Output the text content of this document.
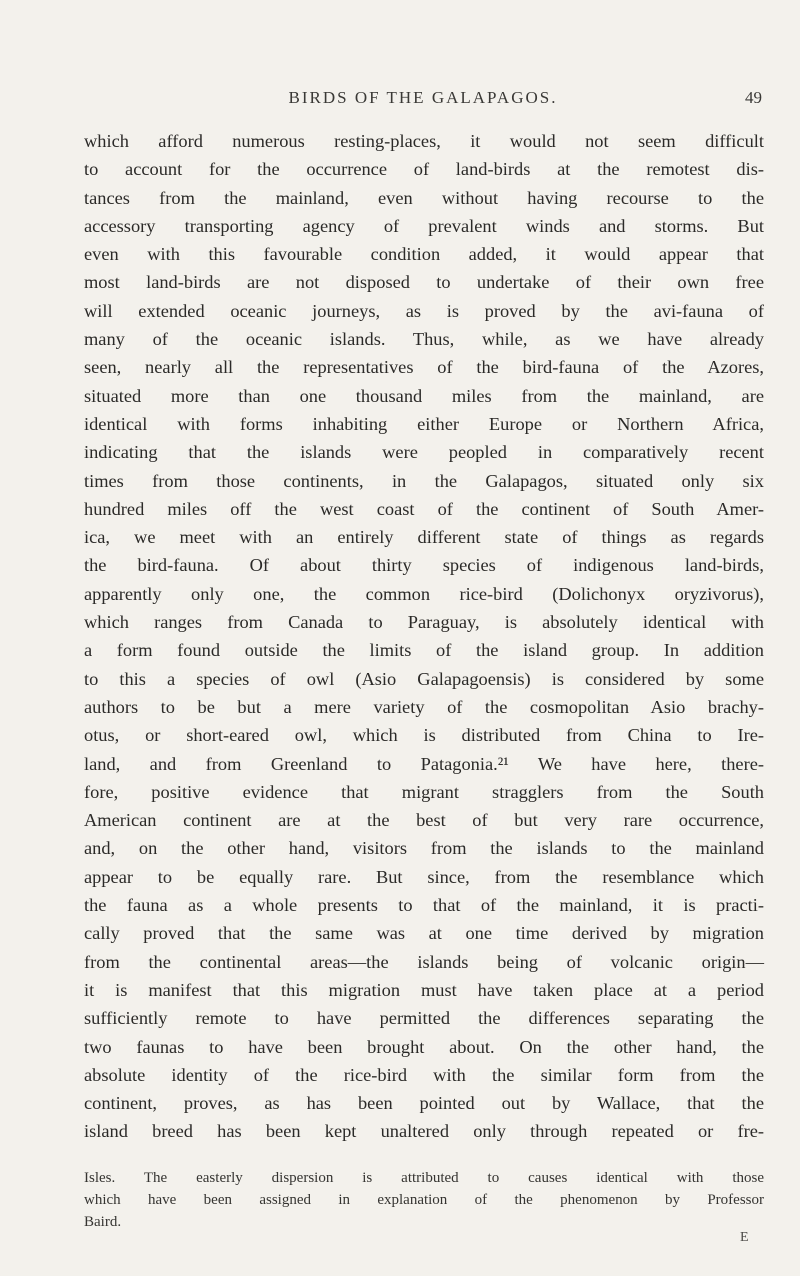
BIRDS OF THE GALAPAGOS.	49
which afford numerous resting-places, it would not seem difficult
to account for the occurrence of land-birds at the remotest dis-
tances from the mainland, even without having recourse to the
accessory transporting agency of prevalent winds and storms. But
even with this favourable condition added, it would appear that
most land-birds are not disposed to undertake of their own free
will extended oceanic journeys, as is proved by the avi-fauna of
many of the oceanic islands. Thus, while, as we have already
seen, nearly all the representatives of the bird-fauna of the Azores,
situated more than one thousand miles from the mainland, are
identical with forms inhabiting either Europe or Northern Africa,
indicating that the islands were peopled in comparatively recent
times from those continents, in the Galapagos, situated only six
hundred miles off the west coast of the continent of South Amer-
ica, we meet with an entirely different state of things as regards
the bird-fauna. Of about thirty species of indigenous land-birds,
apparently only one, the common rice-bird (Dolichonyx oryzivorus),
which ranges from Canada to Paraguay, is absolutely identical with
a form found outside the limits of the island group. In addition
to this a species of owl (Asio Galapagoensis) is considered by some
authors to be but a mere variety of the cosmopolitan Asio brachy-
otus, or short-eared owl, which is distributed from China to Ire-
land, and from Greenland to Patagonia.²¹ We have here, there-
fore, positive evidence that migrant stragglers from the South
American continent are at the best of but very rare occurrence,
and, on the other hand, visitors from the islands to the mainland
appear to be equally rare. But since, from the resemblance which
the fauna as a whole presents to that of the mainland, it is practi-
cally proved that the same was at one time derived by migration
from the continental areas—the islands being of volcanic origin—
it is manifest that this migration must have taken place at a period
sufficiently remote to have permitted the differences separating the
two faunas to have been brought about. On the other hand, the
absolute identity of the rice-bird with the similar form from the
continent, proves, as has been pointed out by Wallace, that the
island breed has been kept unaltered only through repeated or fre-
Isles. The easterly dispersion is attributed to causes identical with those
which have been assigned in explanation of the phenomenon by Professor
Baird.
E
